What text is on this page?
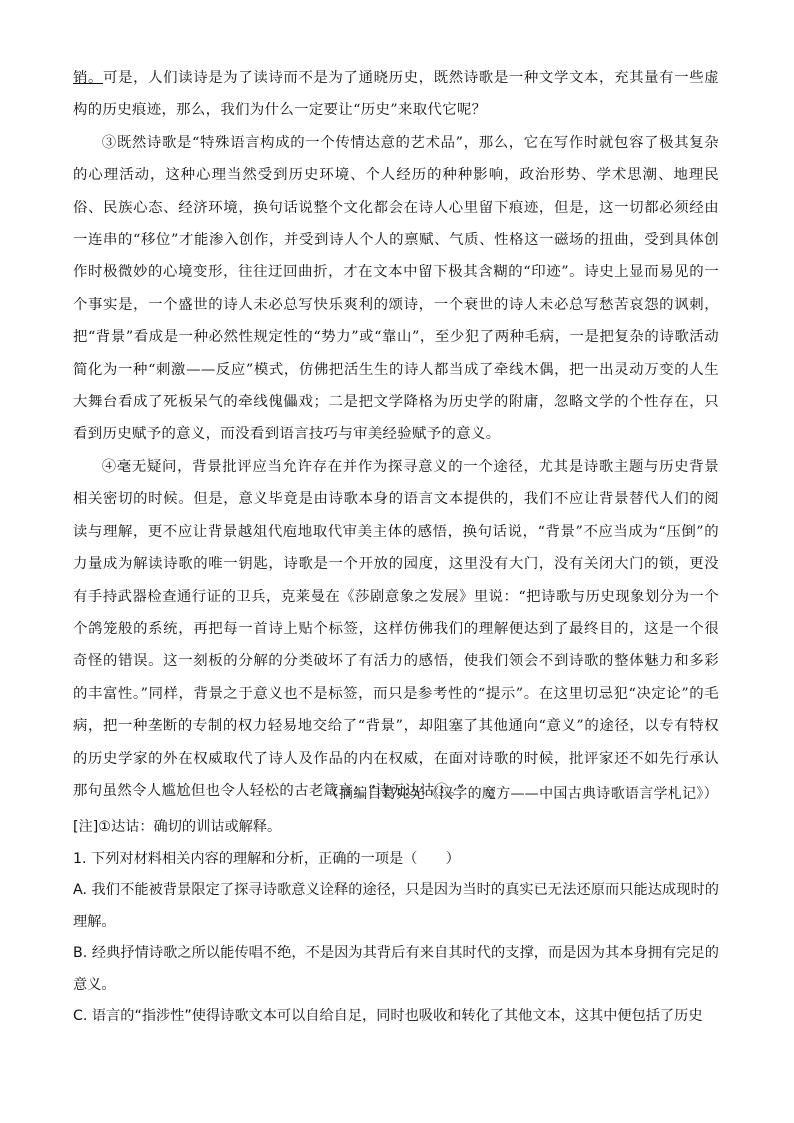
销。可是，人们读诗是为了读诗而不是为了通晓历史，既然诗歌是一种文学文本，充其量有一些虚构的历史痕迹，那么，我们为什么一定要让“历史”来取代它呢？

③既然诗歌是“特殊语言构成的一个传情达意的艺术品”，那么，它在写作时就包容了极其复杂的心理活动，这种心理当然受到历史环境、个人经历的种种影响，政治形势、学术思潮、地理民俗、民族心态、经济环境，换句话说整个文化都会在诗人心里留下痕迹，但是，这一切都必须经由一连串的“移位”才能渗入创作，并受到诗人个人的禀赋、气质、性格这一磁场的扭曲，受到具体创作时极微妙的心境变形，往往迂回曲折，才在文本中留下极其含糊的“印迹”。诗史上显而易见的一个事实是，一个盛世的诗人未必总写快乐爽利的颂诗，一个衰世的诗人未必总写愁苦哀怨的讽刺，把“背景”看成是一种必然性规定性的“势力”或“靠山”，至少犯了两种毛病，一是把复杂的诗歌活动简化为一种“刺激——反应”模式，仿佛把活生生的诗人都当成了牵线木偶，把一出灵动万变的人生大舞台看成了死板呆气的牵线傀儡戏；二是把文学降格为历史学的附庸，忽略文学的个性存在，只看到历史赋予的意义，而没看到语言技巧与审美经验赋予的意义。

④毫无疑问，背景批评应当允许存在并作为探寻意义的一个途径，尤其是诗歌主题与历史背景相关密切的时候。但是，意义毕竟是由诗歌本身的语言文本提供的，我们不应让背景替代人们的阅读与理解，更不应让背景越俎代庖地取代审美主体的感悟，换句话说，“背景”不应当成为“压倒”的力量成为解读诗歌的唯一钥匙，诗歌是一个开放的园度，这里没有大门，没有关闭大门的锁，更没有手持武器检查通行证的卫兵，克莱曼在《莎剧意象之发展》里说：“把诗歌与历史现象划分为一个个鸽笼般的系统，再把每一首诗上贴个标签，这样仿佛我们的理解便达到了最终目的，这是一个很奇怪的错误。这一刻板的分解的分类破坏了有活力的感悟，使我们领会不到诗歌的整体魅力和多彩的丰富性。”同样，背景之于意义也不是标签，而只是参考性的“提示”。在这里切忌犯“决定论”的毛病，把一种垄断的专制的权力轻易地交给了“背景”，却阻塞了其他通向“意义”的途径，以专有特权的历史学家的外在权威取代了诗人及作品的内在权威，在面对诗歌的时候，批评家还不如先行承认那句虽然令人尴尬但也令人轻松的古老箴言：“诗无达诂①。”

（摘编自葛兆光《汉字的魔方——中国古典诗歌语言学札记》）

[注]①达诂：确切的训诂或解释。

1. 下列对材料相关内容的理解和分析，正确的一项是（　　）

A. 我们不能被背景限定了探寻诗歌意义诠释的途径，只是因为当时的真实已无法还原而只能达成现时的理解。

B. 经典抒情诗歌之所以能传唱不绝，不是因为其背后有来自其时代的支撑，而是因为其本身拥有完足的意义。

C. 语言的“指涉性”使得诗歌文本可以自给自足，同时也吸收和转化了其他文本，这其中便包括了历史
